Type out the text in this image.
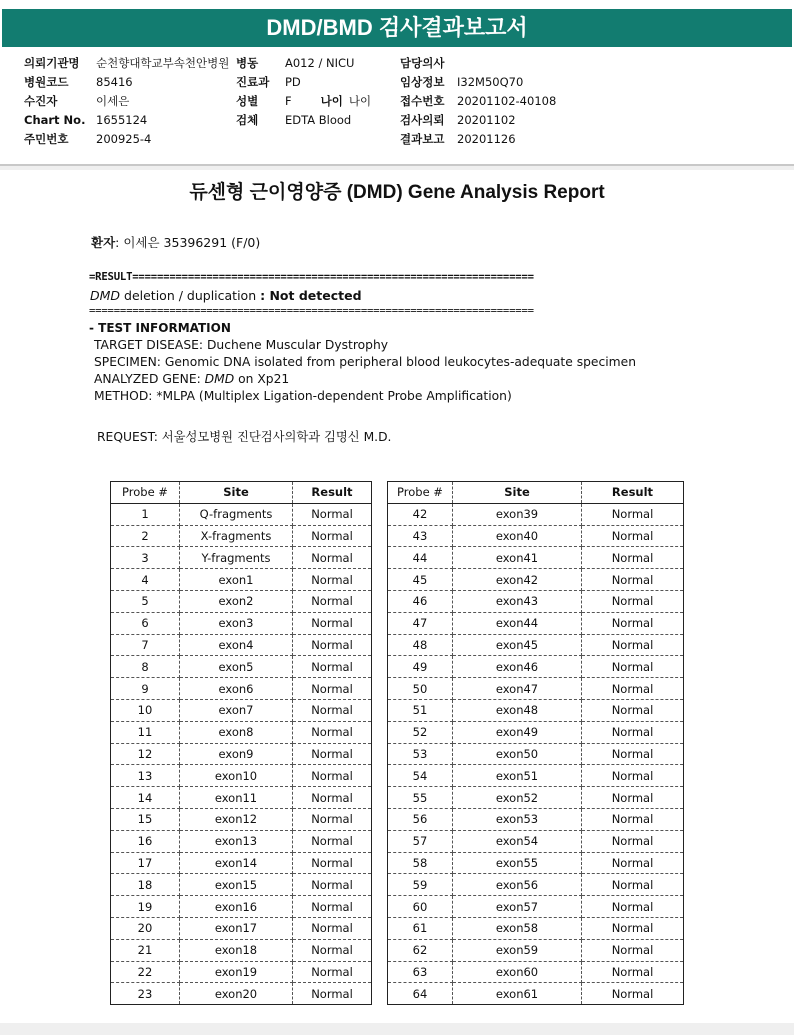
DMD/BMD 검사결과보고서
의뢰기관명	순천향대학교부속천안병원
병원코드	85416
수진자	이세은
Chart No. 1655124
주민번호	200925-4
병동	A012 / NICU
진료과	PD
성별	F	나이 나이
검체	EDTA Blood
담당의사
임상정보	I32M50Q70
접수번호	20201102-40108
검사의뢰	20201102
결과보고	20201126
듀센형 근이영양증 (DMD) Gene Analysis Report
환자: 이세은 35396291 (F/0)
=RESULT=================================================================
DMD deletion / duplication : Not detected
========================================================================
- TEST INFORMATION
TARGET DISEASE: Duchene Muscular Dystrophy
SPECIMEN: Genomic DNA isolated from peripheral blood leukocytes-adequate specimen
ANALYZED GENE: DMD on Xp21
METHOD: *MLPA (Multiplex Ligation-dependent Probe Amplification)
REQUEST: 서울성모병원 진단검사의학과 김명신 M.D.
Probe #	Site	Result
1	Q-fragments	Normal
2	X-fragments	Normal
3	Y-fragments	Normal
4	exon1	Normal
5	exon2	Normal
6	exon3	Normal
7	exon4	Normal
8	exon5	Normal
9	exon6	Normal
10	exon7	Normal
11	exon8	Normal
12	exon9	Normal
13	exon10	Normal
14	exon11	Normal
15	exon12	Normal
16	exon13	Normal
17	exon14	Normal
18	exon15	Normal
19	exon16	Normal
20	exon17	Normal
21	exon18	Normal
22	exon19	Normal
23	exon20	Normal
Probe #	Site	Result
42	exon39	Normal
43	exon40	Normal
44	exon41	Normal
45	exon42	Normal
46	exon43	Normal
47	exon44	Normal
48	exon45	Normal
49	exon46	Normal
50	exon47	Normal
51	exon48	Normal
52	exon49	Normal
53	exon50	Normal
54	exon51	Normal
55	exon52	Normal
56	exon53	Normal
57	exon54	Normal
58	exon55	Normal
59	exon56	Normal
60	exon57	Normal
61	exon58	Normal
62	exon59	Normal
63	exon60	Normal
64	exon61	Normal
